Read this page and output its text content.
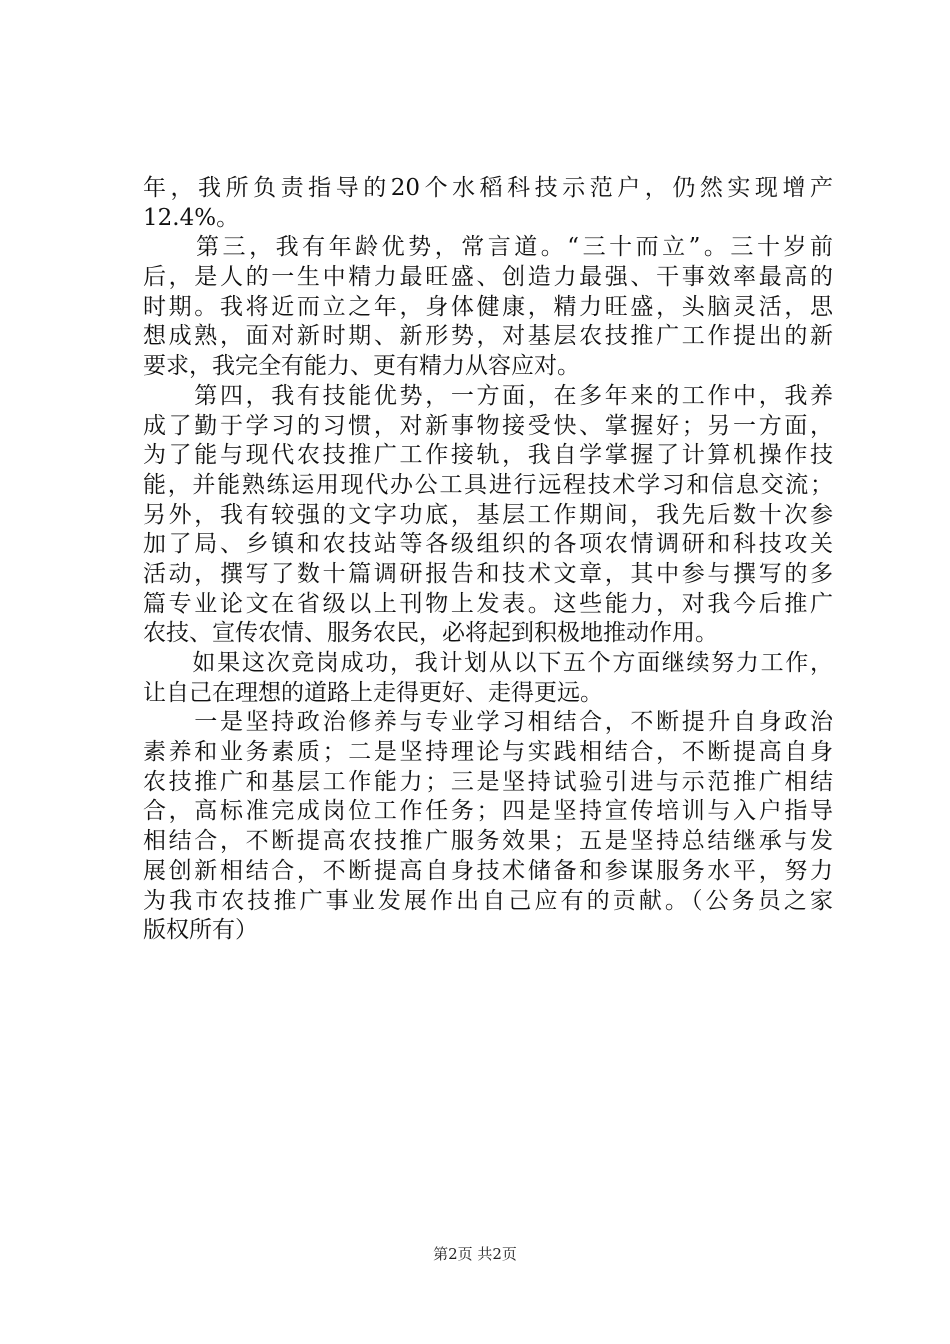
年，我所负责指导的20个水稻科技示范户，仍然实现增产
12.4%。
　　第三，我有年龄优势，常言道。“三十而立”。三十岁前
后，是人的一生中精力最旺盛、创造力最强、干事效率最高的
时期。我将近而立之年，身体健康，精力旺盛，头脑灵活，思
想成熟，面对新时期、新形势，对基层农技推广工作提出的新
要求，我完全有能力、更有精力从容应对。
　　第四，我有技能优势，一方面，在多年来的工作中，我养
成了勤于学习的习惯，对新事物接受快、掌握好；另一方面，
为了能与现代农技推广工作接轨，我自学掌握了计算机操作技
能，并能熟练运用现代办公工具进行远程技术学习和信息交流；
另外，我有较强的文字功底，基层工作期间，我先后数十次参
加了局、乡镇和农技站等各级组织的各项农情调研和科技攻关
活动，撰写了数十篇调研报告和技术文章，其中参与撰写的多
篇专业论文在省级以上刊物上发表。这些能力，对我今后推广
农技、宣传农情、服务农民，必将起到积极地推动作用。
　　如果这次竞岗成功，我计划从以下五个方面继续努力工作，
让自己在理想的道路上走得更好、走得更远。
　　一是坚持政治修养与专业学习相结合，不断提升自身政治
素养和业务素质；二是坚持理论与实践相结合，不断提高自身
农技推广和基层工作能力；三是坚持试验引进与示范推广相结
合，高标准完成岗位工作任务；四是坚持宣传培训与入户指导
相结合，不断提高农技推广服务效果；五是坚持总结继承与发
展创新相结合，不断提高自身技术储备和参谋服务水平，努力
为我市农技推广事业发展作出自己应有的贡献。（公务员之家
版权所有）
第2页 共2页
